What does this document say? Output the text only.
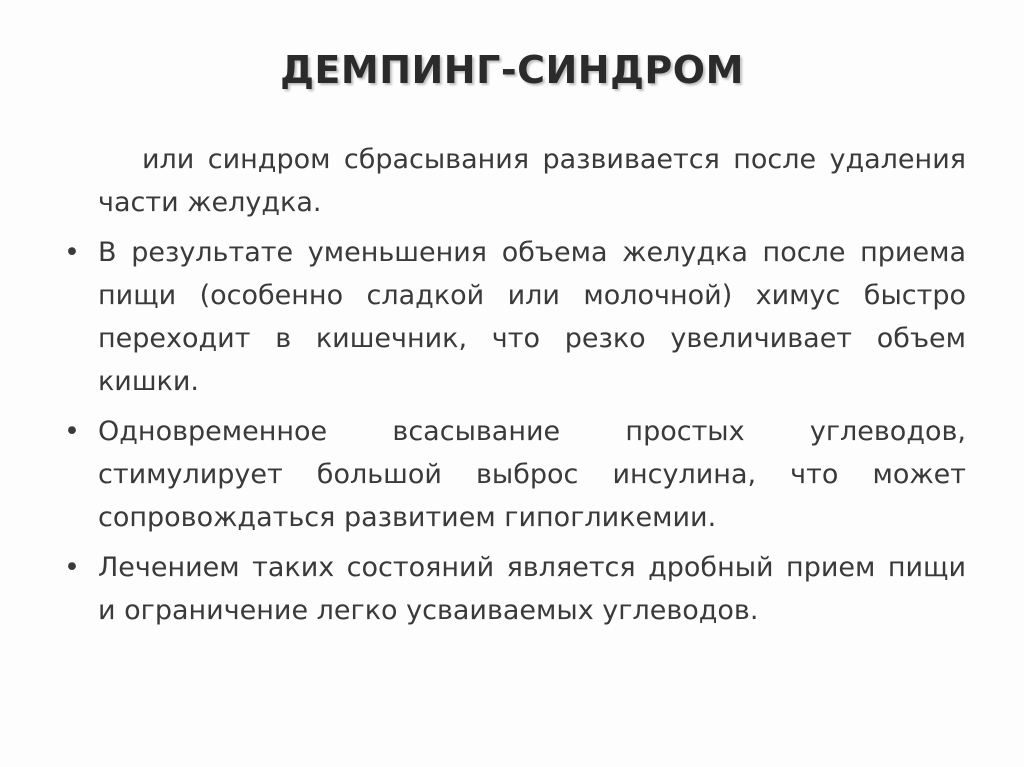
ДЕМПИНГ-СИНДРОМ

или синдром сбрасывания развивается после удаления части желудка.

• В результате уменьшения объема желудка после приема пищи (особенно сладкой или молочной) химус быстро переходит в кишечник, что резко увеличивает объем кишки.

• Одновременное всасывание простых углеводов, стимулирует большой выброс инсулина, что может сопровождаться развитием гипогликемии.

• Лечением таких состояний является дробный прием пищи и ограничение легко усваиваемых углеводов.
